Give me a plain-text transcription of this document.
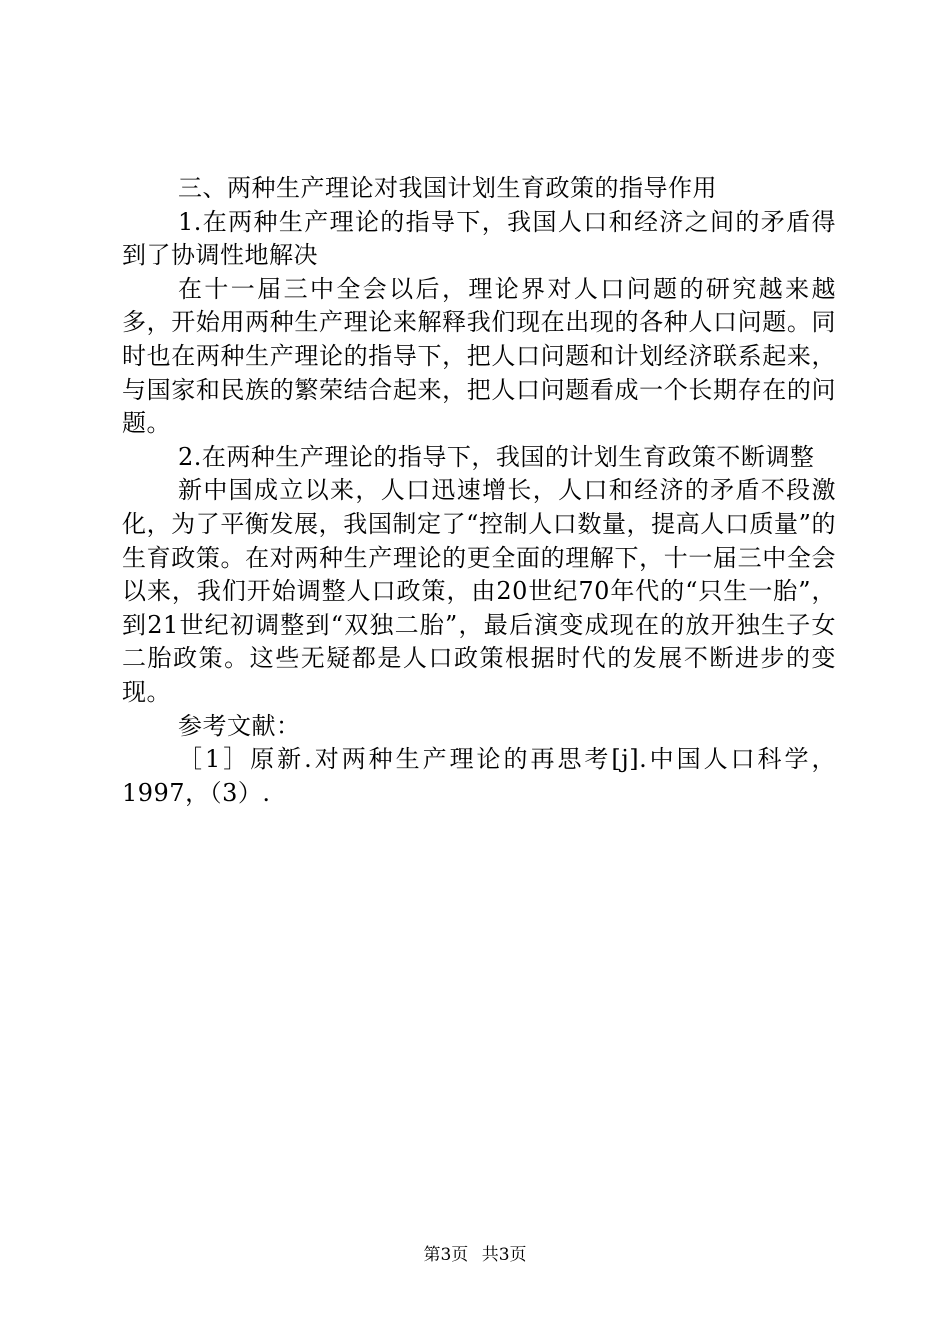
三、两种生产理论对我国计划生育政策的指导作用

1.在两种生产理论的指导下，我国人口和经济之间的矛盾得到了协调性地解决

在十一届三中全会以后，理论界对人口问题的研究越来越多，开始用两种生产理论来解释我们现在出现的各种人口问题。同时也在两种生产理论的指导下，把人口问题和计划经济联系起来，与国家和民族的繁荣结合起来，把人口问题看成一个长期存在的问题。

2.在两种生产理论的指导下，我国的计划生育政策不断调整

新中国成立以来，人口迅速增长，人口和经济的矛盾不段激化，为了平衡发展，我国制定了“控制人口数量，提高人口质量”的生育政策。在对两种生产理论的更全面的理解下，十一届三中全会以来，我们开始调整人口政策，由20世纪70年代的“只生一胎”，到21世纪初调整到“双独二胎”，最后演变成现在的放开独生子女二胎政策。这些无疑都是人口政策根据时代的发展不断进步的变现。

参考文献：

［1］原新.对两种生产理论的再思考[j].中国人口科学，1997，（3）.

第3页 共3页
